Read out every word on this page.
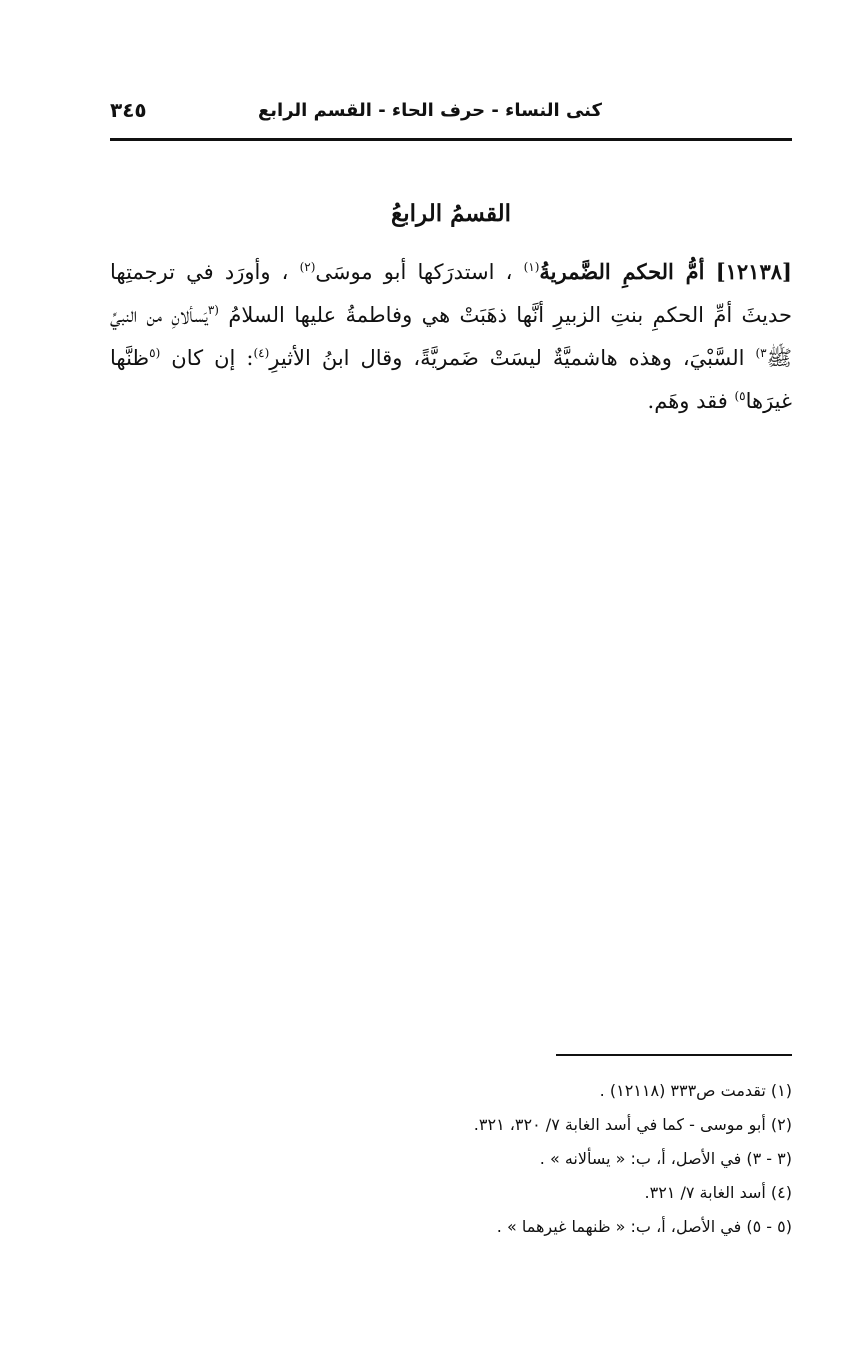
كنى النساء - حرف الحاء - القسم الرابع
٣٤٥
القسمُ الرابعُ
[١٢١٣٨] أمُّ الحكمِ الضَّمريةُ$^{(١)}$ ، استدرَكها أبو موسَى$^{(٢)}$ ، وأورَد في ترجمتِها حديثَ أمِّ الحكمِ بنتِ الزبيرِ أنَّها ذهَبَتْ هي وفاطمةُ عليها السلامُ $^{(٣}$يَسألانِ من النبيِّ ﷺ$^{٣)}$ السَّبْيَ، وهذه هاشميَّةٌ ليسَتْ ضَمريَّةً، وقال ابنُ الأثيرِ$^{(٤)}$: إن كان $^{(٥}$ظنَّها غيرَها$^{٥)}$ فقد وهَم.
(١) تقدمت ص٣٣٣ (١٢١١٨) .
(٢) أبو موسى - كما في أسد الغابة ٧/ ٣٢٠، ٣٢١.
(٣ - ٣) في الأصل، أ، ب: « يسألانه » .
(٤) أسد الغابة ٧/ ٣٢١.
(٥ - ٥) في الأصل، أ، ب: « ظنهما غيرهما » .
